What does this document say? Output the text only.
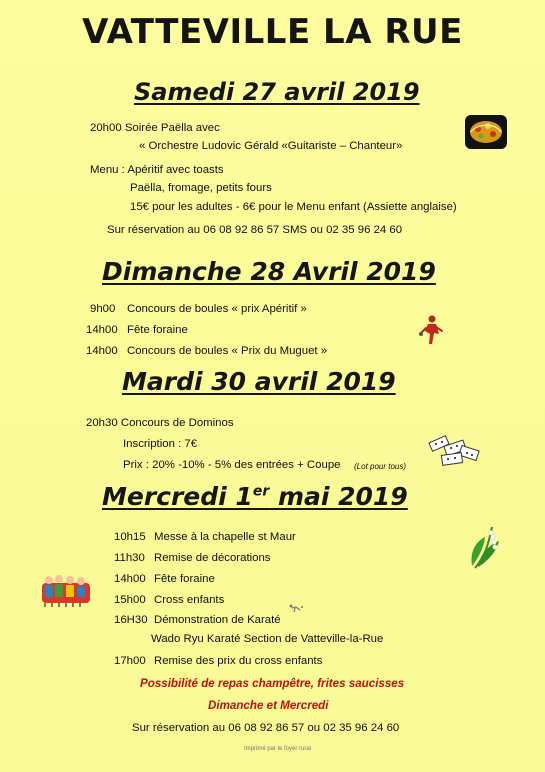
VATTEVILLE LA RUE
Samedi 27 avril 2019
20h00 Soirée Paëlla avec
« Orchestre Ludovic Gérald «Guitariste – Chanteur»
Menu : Apéritif avec toasts
Paëlla, fromage, petits fours
15€ pour les adultes - 6€ pour le Menu enfant (Assiette anglaise)
Sur réservation au 06 08 92 86 57 SMS ou 02 35 96 24 60
Dimanche 28 Avril 2019
9h00 Concours de boules « prix Apéritif »
14h00 Fête foraine
14h00 Concours de boules « Prix du Muguet »
Mardi 30 avril 2019
20h30 Concours de Dominos
Inscription : 7€
Prix : 20% -10% - 5% des entrées + Coupe (Lot pour tous)
Mercredi 1er mai 2019
10h15 Messe à la chapelle st Maur
11h30 Remise de décorations
14h00 Fête foraine
15h00 Cross enfants
16H30 Démonstration de Karaté
Wado Ryu Karaté Section de Vatteville-la-Rue
17h00 Remise des prix du cross enfants
Possibilité de repas champêtre, frites saucisses
Dimanche et Mercredi
Sur réservation au 06 08 92 86 57 ou 02 35 96 24 60
Imprimé par le foyer rural
